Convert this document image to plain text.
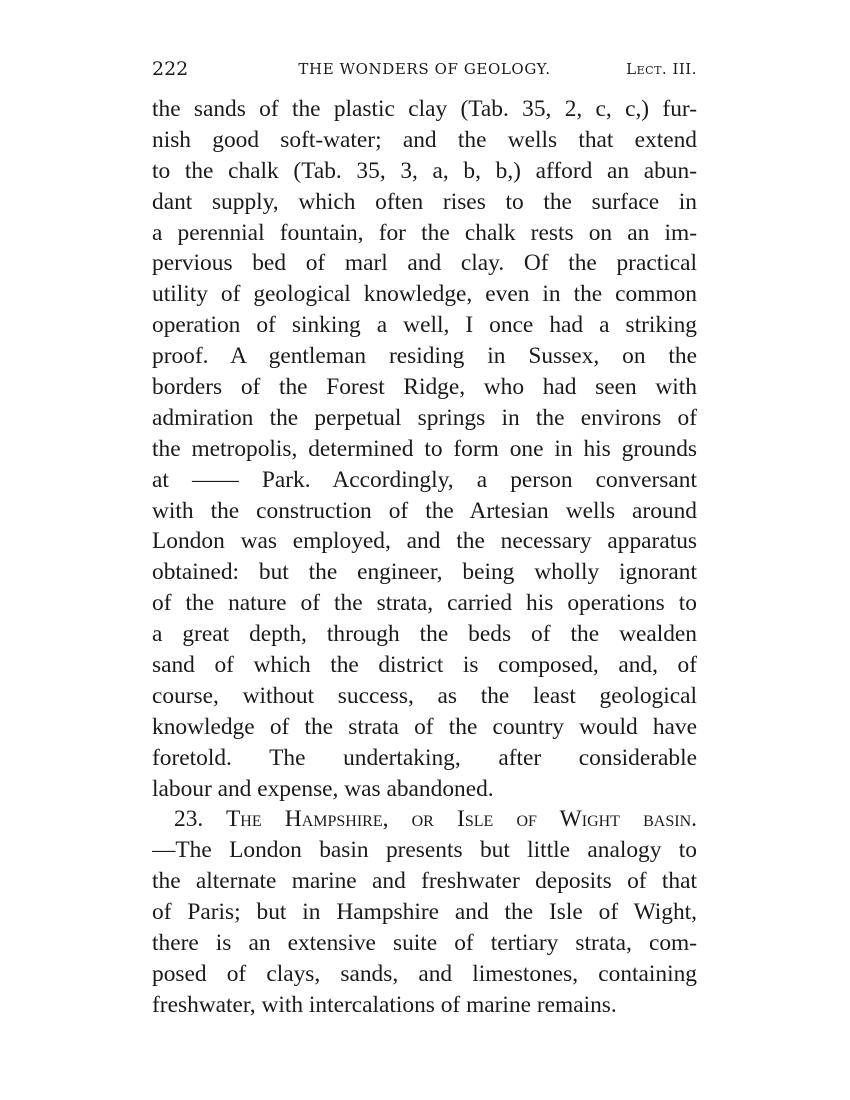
222	THE WONDERS OF GEOLOGY.	Lect. III.
the sands of the plastic clay (Tab. 35, 2, c, c,) fur-
nish good soft-water; and the wells that extend
to the chalk (Tab. 35, 3, a, b, b,) afford an abun-
dant supply, which often rises to the surface in
a perennial fountain, for the chalk rests on an im-
pervious bed of marl and clay. Of the practical
utility of geological knowledge, even in the common
operation of sinking a well, I once had a striking
proof. A gentleman residing in Sussex, on the
borders of the Forest Ridge, who had seen with
admiration the perpetual springs in the environs of
the metropolis, determined to form one in his grounds
at —— Park. Accordingly, a person conversant
with the construction of the Artesian wells around
London was employed, and the necessary apparatus
obtained: but the engineer, being wholly ignorant
of the nature of the strata, carried his operations to
a great depth, through the beds of the wealden
sand of which the district is composed, and, of
course, without success, as the least geological
knowledge of the strata of the country would have
foretold. The undertaking, after considerable
labour and expense, was abandoned.
23. The Hampshire, or Isle of Wight basin.
—The London basin presents but little analogy to
the alternate marine and freshwater deposits of that
of Paris; but in Hampshire and the Isle of Wight,
there is an extensive suite of tertiary strata, com-
posed of clays, sands, and limestones, containing
freshwater, with intercalations of marine remains.
